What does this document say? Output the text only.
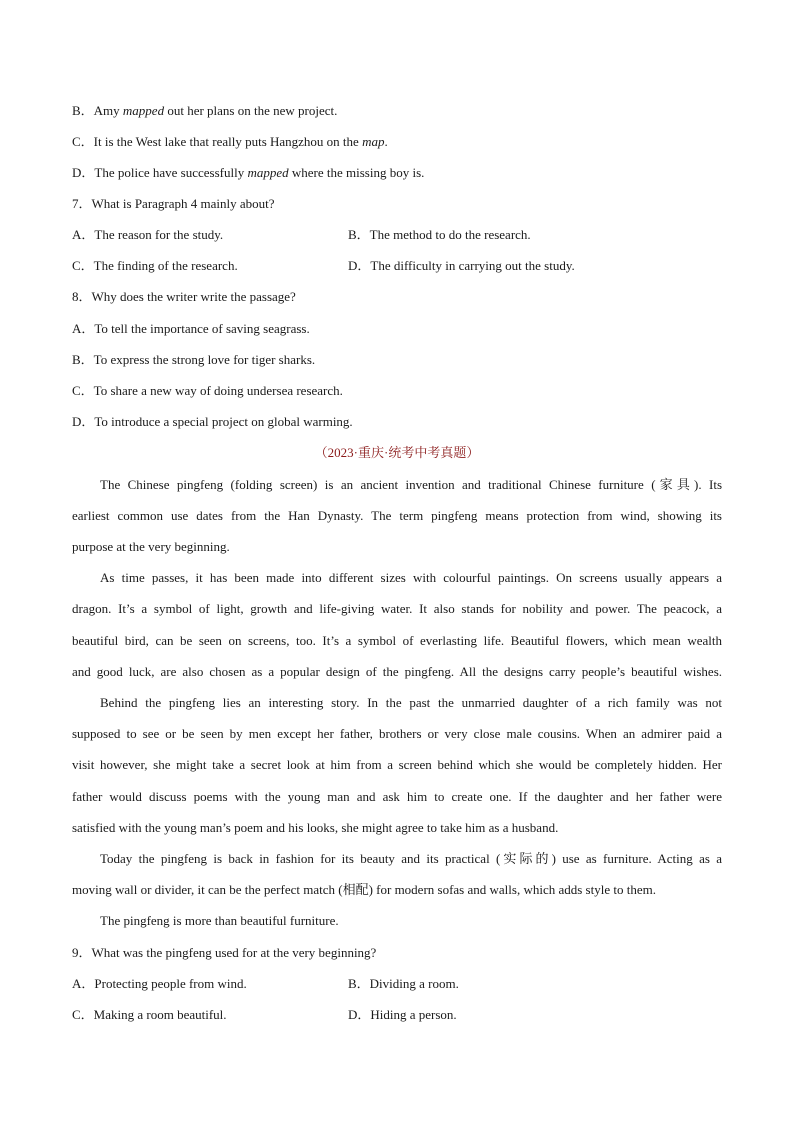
B．Amy mapped out her plans on the new project.
C．It is the West lake that really puts Hangzhou on the map.
D．The police have successfully mapped where the missing boy is.
7．What is Paragraph 4 mainly about?
A．The reason for the study.	B．The method to do the research.
C．The finding of the research.	D．The difficulty in carrying out the study.
8．Why does the writer write the passage?
A．To tell the importance of saving seagrass.
B．To express the strong love for tiger sharks.
C．To share a new way of doing undersea research.
D．To introduce a special project on global warming.
（2023·重庆·统考中考真题）
The Chinese pingfeng (folding screen) is an ancient invention and traditional Chinese furniture (家具). Its
earliest common use dates from the Han Dynasty. The term pingfeng means protection from wind, showing its
purpose at the very beginning.
As time passes, it has been made into different sizes with colourful paintings. On screens usually appears a
dragon. It’s a symbol of light, growth and life-giving water. It also stands for nobility and power. The peacock, a
beautiful bird, can be seen on screens, too. It’s a symbol of everlasting life. Beautiful flowers, which mean wealth
and good luck, are also chosen as a popular design of the pingfeng. All the designs carry people’s beautiful wishes.
Behind the pingfeng lies an interesting story. In the past the unmarried daughter of a rich family was not
supposed to see or be seen by men except her father, brothers or very close male cousins. When an admirer paid a
visit however, she might take a secret look at him from a screen behind which she would be completely hidden. Her
father would discuss poems with the young man and ask him to create one. If the daughter and her father were
satisfied with the young man’s poem and his looks, she might agree to take him as a husband.
Today the pingfeng is back in fashion for its beauty and its practical (实际的) use as furniture. Acting as a
moving wall or divider, it can be the perfect match (相配) for modern sofas and walls, which adds style to them.
The pingfeng is more than beautiful furniture.
9．What was the pingfeng used for at the very beginning?
A．Protecting people from wind.	B．Dividing a room.
C．Making a room beautiful.	D．Hiding a person.
